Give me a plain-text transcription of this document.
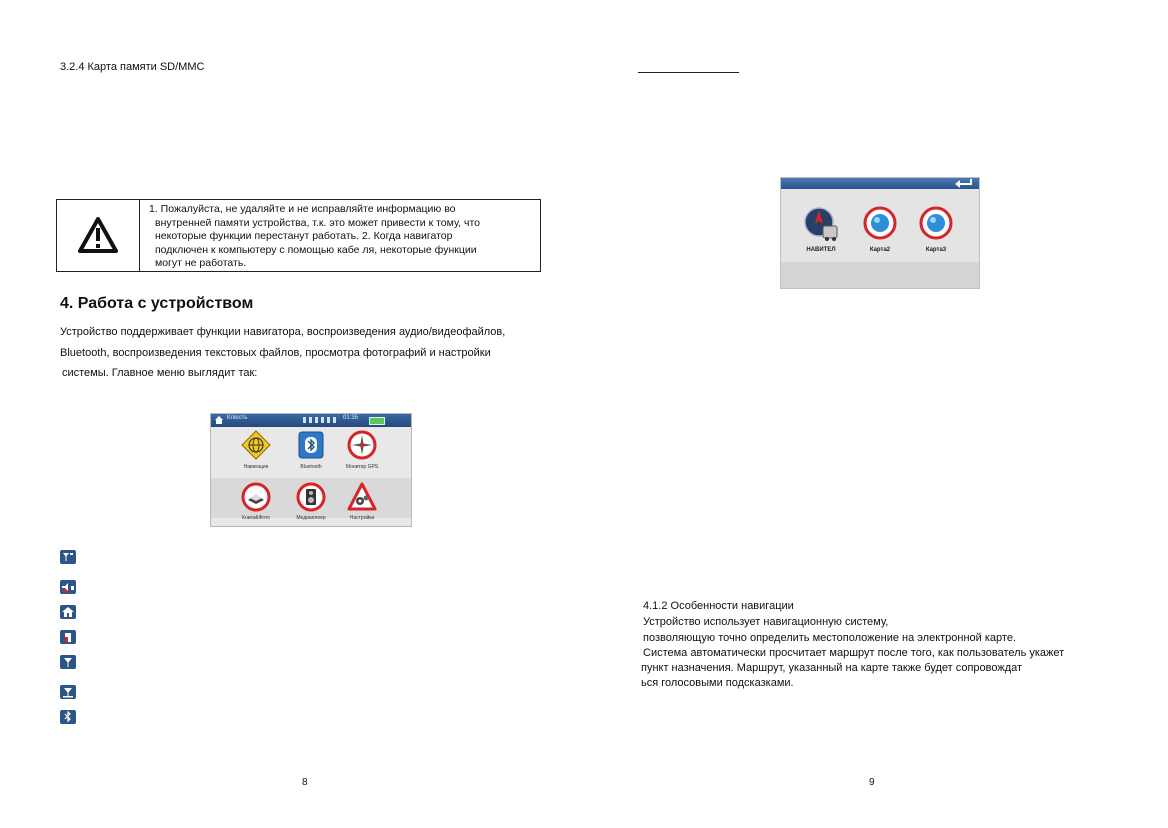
3.2.4 Карта памяти SD/MMC
1. Пожалуйста, не удаляйте и не исправляйте информацию во
внутренней памяти устройства, т.к. это может привести к тому, что
некоторые функции перестанут работать. 2. Когда навигатор
подключен к компьютеру с помощью кабе ля, некоторые функции
могут не работать.
4. Работа с устройством
Устройство поддерживает функции навигатора, воспроизведения аудио/видеофайлов,
Bluetooth, воспроизведения текстовых файлов, просмотра фотографий и настройки
системы. Главное меню выглядит так:
Клюсть	01:35
Навигация	Bluetooth	Монитор GPS
Книги&Фото	Медиаплеер	Настройки
8
НАВИТЕЛ	Карта2	Карта3
4.1.2 Особенности навигации
Устройство использует навигационную систему,
позволяющую точно определить местоположение на электронной карте.
Система автоматически просчитает маршрут после того, как пользователь укажет
пункт назначения. Маршрут, указанный на карте также будет сопровождат
ься голосовыми подсказками.
9
